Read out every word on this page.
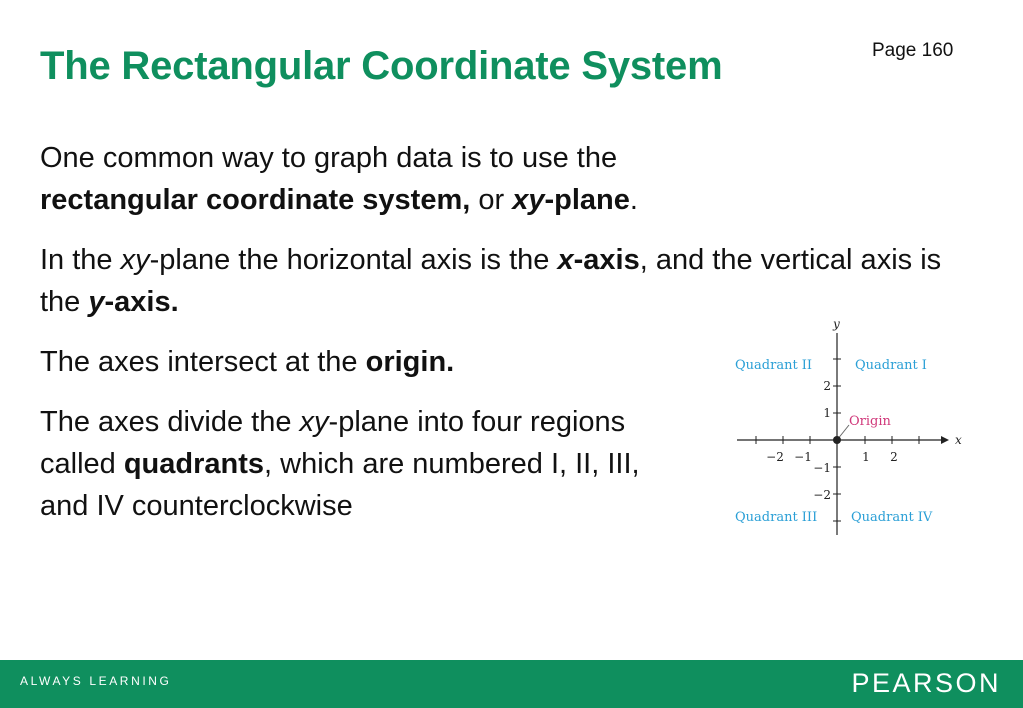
The Rectangular Coordinate System	Page 160

One common way to graph data is to use the
rectangular coordinate system, or xy-plane.

In the xy-plane the horizontal axis is the x-axis, and the vertical axis is the y-axis.

The axes intersect at the origin.

The axes divide the xy-plane into four regions called quadrants, which are numbered I, II, III, and IV counterclockwise

y
x
−2 −1	1 2
2
1
−1
−2
Quadrant I
Quadrant II
Quadrant III	Quadrant IV
Origin
ALWAYS LEARNING	PEARSON
